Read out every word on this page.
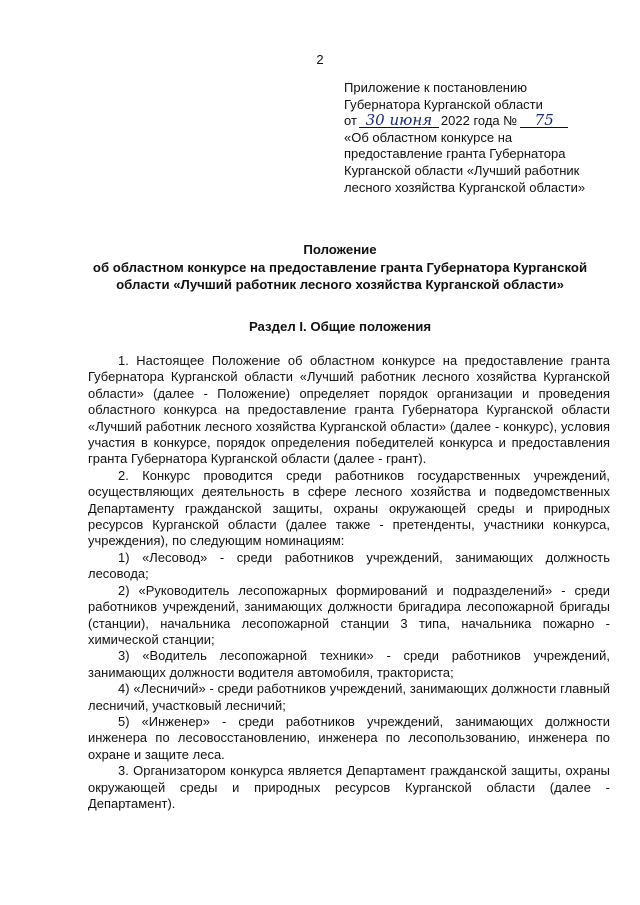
2
Приложение к постановлению
Губернатора Курганской области
от 30 июня 2022 года №	75
«Об областном конкурсе на
предоставление гранта Губернатора
Курганской области «Лучший работник
лесного хозяйства Курганской области»
Положение
об областном конкурсе на предоставление гранта Губернатора Курганской
области «Лучший работник лесного хозяйства Курганской области»
Раздел I. Общие положения

1. Настоящее Положение об областном конкурсе на предоставление гранта Губернатора Курганской области «Лучший работник лесного хозяйства Курганской области» (далее - Положение) определяет порядок организации и проведения областного конкурса на предоставление гранта Губернатора Курганской области «Лучший работник лесного хозяйства Курганской области» (далее - конкурс), условия участия в конкурсе, порядок определения победителей конкурса и предоставления гранта Губернатора Курганской области (далее - грант).

2. Конкурс проводится среди работников государственных учреждений, осуществляющих деятельность в сфере лесного хозяйства и подведомственных Департаменту гражданской защиты, охраны окружающей среды и природных ресурсов Курганской области (далее также - претенденты, участники конкурса, учреждения), по следующим номинациям:

1) «Лесовод» - среди работников учреждений, занимающих должность лесовода;

2) «Руководитель лесопожарных формирований и подразделений» - среди работников учреждений, занимающих должности бригадира лесопожарной бригады (станции), начальника лесопожарной станции 3 типа, начальника пожарно - химической станции;

3) «Водитель лесопожарной техники» - среди работников учреждений, занимающих должности водителя автомобиля, тракториста;

4) «Лесничий» - среди работников учреждений, занимающих должности главный лесничий, участковый лесничий;

5) «Инженер» - среди работников учреждений, занимающих должности инженера по лесовосстановлению, инженера по лесопользованию, инженера по охране и защите леса.

3. Организатором конкурса является Департамент гражданской защиты, охраны окружающей среды и природных ресурсов Курганской области (далее - Департамент).
